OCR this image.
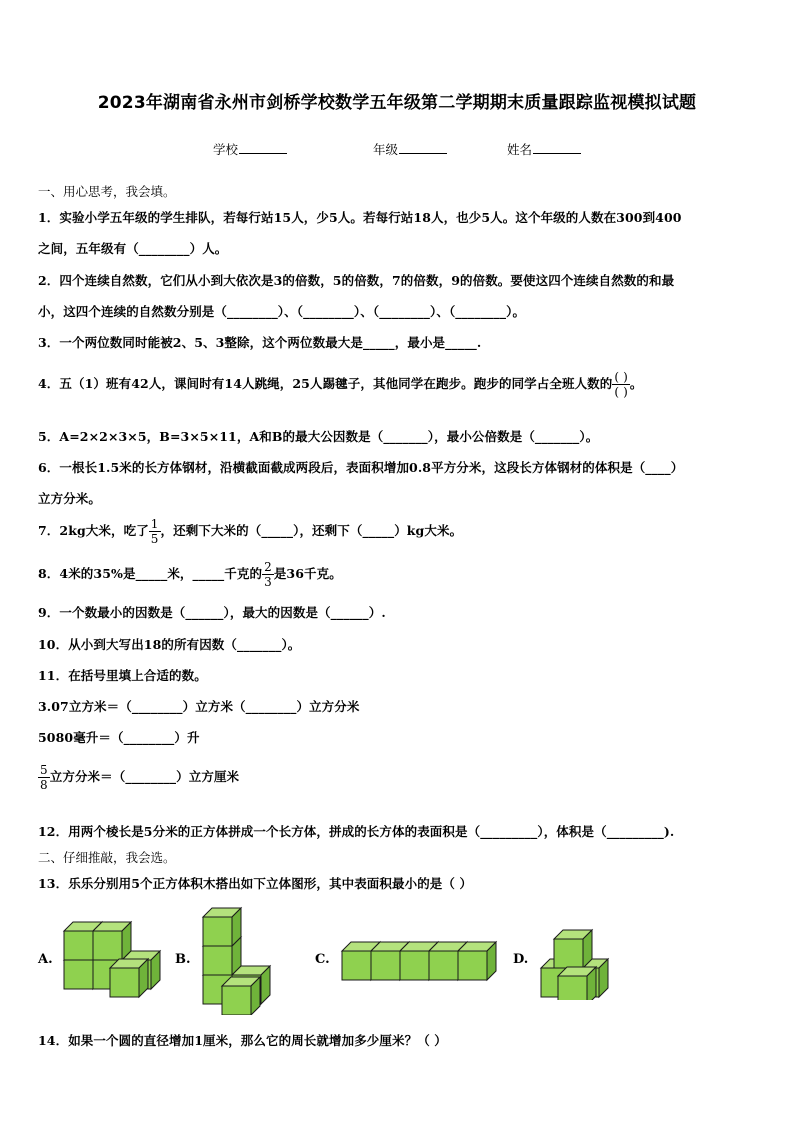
2023年湖南省永州市剑桥学校数学五年级第二学期期末质量跟踪监视模拟试题
学校	年级	姓名
一、用心思考，我会填。
1．实验小学五年级的学生排队，若每行站15人，少5人。若每行站18人，也少5人。这个年级的人数在300到400
之间，五年级有（________）人。
2．四个连续自然数，它们从小到大依次是3的倍数，5的倍数，7的倍数，9的倍数。要使这四个连续自然数的和最
小，这四个连续的自然数分别是（________）、（________）、（________）、（________）。
3．一个两位数同时能被2、5、3整除，这个两位数最大是_____，最小是_____.
4．五（1）班有42人，课间时有14人跳绳，25人踢毽子，其他同学在跑步。跑步的同学占全班人数的 $\frac{( )}{( )}$ 。
5．A=2×2×3×5，B=3×5×11，A和B的最大公因数是（_______），最小公倍数是（_______）。
6．一根长1.5米的长方体钢材，沿横截面截成两段后，表面积增加0.8平方分米，这段长方体钢材的体积是（____）
立方分米。
7．2kg大米，吃了 $\frac{1}{5}$ ，还剩下大米的（_____），还剩下（_____）kg大米。
8．4米的35%是_____米，_____千克的 $\frac{2}{3}$ 是36千克。
9．一个数最小的因数是（______），最大的因数是（______）.
10．从小到大写出18的所有因数（_______）。
11．在括号里填上合适的数。
3.07立方米＝（________）立方米（________）立方分米
5080毫升＝（________）升
$\frac{5}{8}$ 立方分米＝（________）立方厘米
12．用两个棱长是5分米的正方体拼成一个长方体，拼成的长方体的表面积是（_________），体积是（_________).
二、仔细推敲，我会选。
13．乐乐分别用5个正方体积木搭出如下立体图形，其中表面积最小的是（ ）
A.	B.	C.	D.
14．如果一个圆的直径增加1厘米，那么它的周长就增加多少厘米？（ ）
